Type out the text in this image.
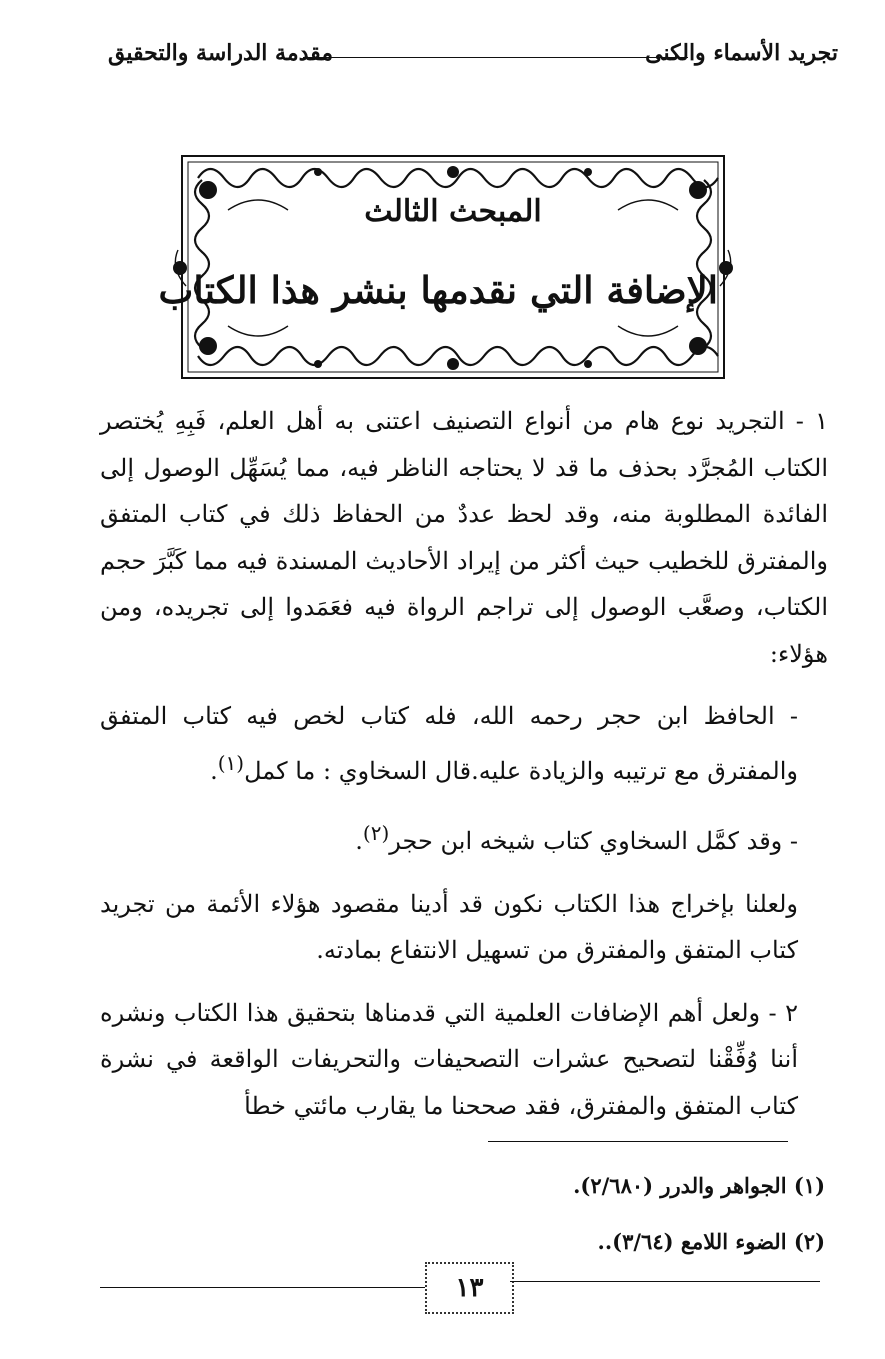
تجريد الأسماء والكنى
مقدمة الدراسة والتحقيق
المبحث الثالث
الإضافة التي نقدمها بنشر هذا الكتاب

١ - التجريد نوع هام من أنواع التصنيف اعتنى به أهل العلم، فَبِهِ يُختصر الكتاب المُجرَّد بحذف ما قد لا يحتاجه الناظر فيه، مما يُسَهِّل الوصول إلى الفائدة المطلوبة منه، وقد لحظ عددٌ من الحفاظ ذلك في كتاب المتفق والمفترق للخطيب حيث أكثر من إيراد الأحاديث المسندة فيه مما كَبَّرَ حجم الكتاب، وصعَّب الوصول إلى تراجم الرواة فيه فعَمَدوا إلى تجريده، ومن هؤلاء:

- الحافظ ابن حجر رحمه الله، فله كتاب لخص فيه كتاب المتفق والمفترق مع ترتيبه والزيادة عليه.قال السخاوي : ما كمل$^{(١)}$.

- وقد كمَّل السخاوي كتاب شيخه ابن حجر$^{(٢)}$.

ولعلنا بإخراج هذا الكتاب نكون قد أدينا مقصود هؤلاء الأئمة من تجريد كتاب المتفق والمفترق من تسهيل الانتفاع بمادته.

٢ - ولعل أهم الإضافات العلمية التي قدمناها بتحقيق هذا الكتاب ونشره أننا وُفِّقْنا لتصحيح عشرات التصحيفات والتحريفات الواقعة في نشرة كتاب المتفق والمفترق، فقد صححنا ما يقارب مائتي خطأ

(١) الجواهر والدرر (٢/٦٨٠).

(٢) الضوء اللامع (٣/٦٤)..

١٣
